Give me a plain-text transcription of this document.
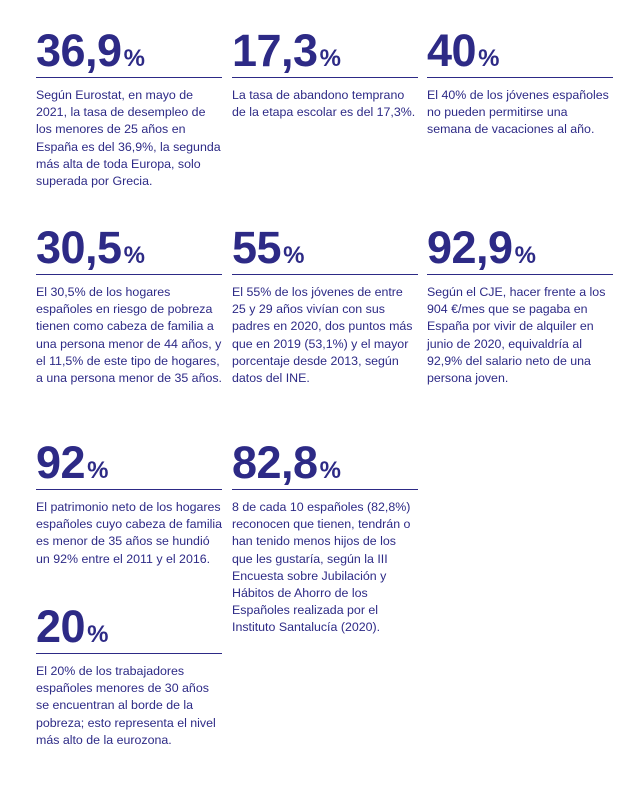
36,9%
Según Eurostat, en mayo de 2021, la tasa de desempleo de los menores de 25 años en España es del 36,9%, la segunda más alta de toda Europa, solo superada por Grecia.
17,3%
La tasa de abandono temprano de la etapa escolar es del 17,3%.
40%
El 40% de los jóvenes españoles no pueden permitirse una semana de vacaciones al año.
30,5%
El 30,5% de los hogares españoles en riesgo de pobreza tienen como cabeza de familia a una persona menor de 44 años, y el 11,5% de este tipo de hogares, a una persona menor de 35 años.
55%
El 55% de los jóvenes de entre 25 y 29 años vivían con sus padres en 2020, dos puntos más que en 2019 (53,1%) y el mayor porcentaje desde 2013, según datos del INE.
92,9%
Según el CJE, hacer frente a los 904 €/mes que se pagaba en España por vivir de alquiler en junio de 2020, equivaldría al 92,9% del salario neto de una persona joven.
92%
El patrimonio neto de los hogares españoles cuyo cabeza de familia es menor de 35 años se hundió un 92% entre el 2011 y el 2016.
82,8%
8 de cada 10 españoles (82,8%) reconocen que tienen, tendrán o han tenido menos hijos de los que les gustaría, según la III Encuesta sobre Jubilación y Hábitos de Ahorro de los Españoles realizada por el Instituto Santalucía (2020).
20%
El 20% de los trabajadores españoles menores de 30 años se encuentran al borde de la pobreza; esto representa el nivel más alto de la eurozona.
